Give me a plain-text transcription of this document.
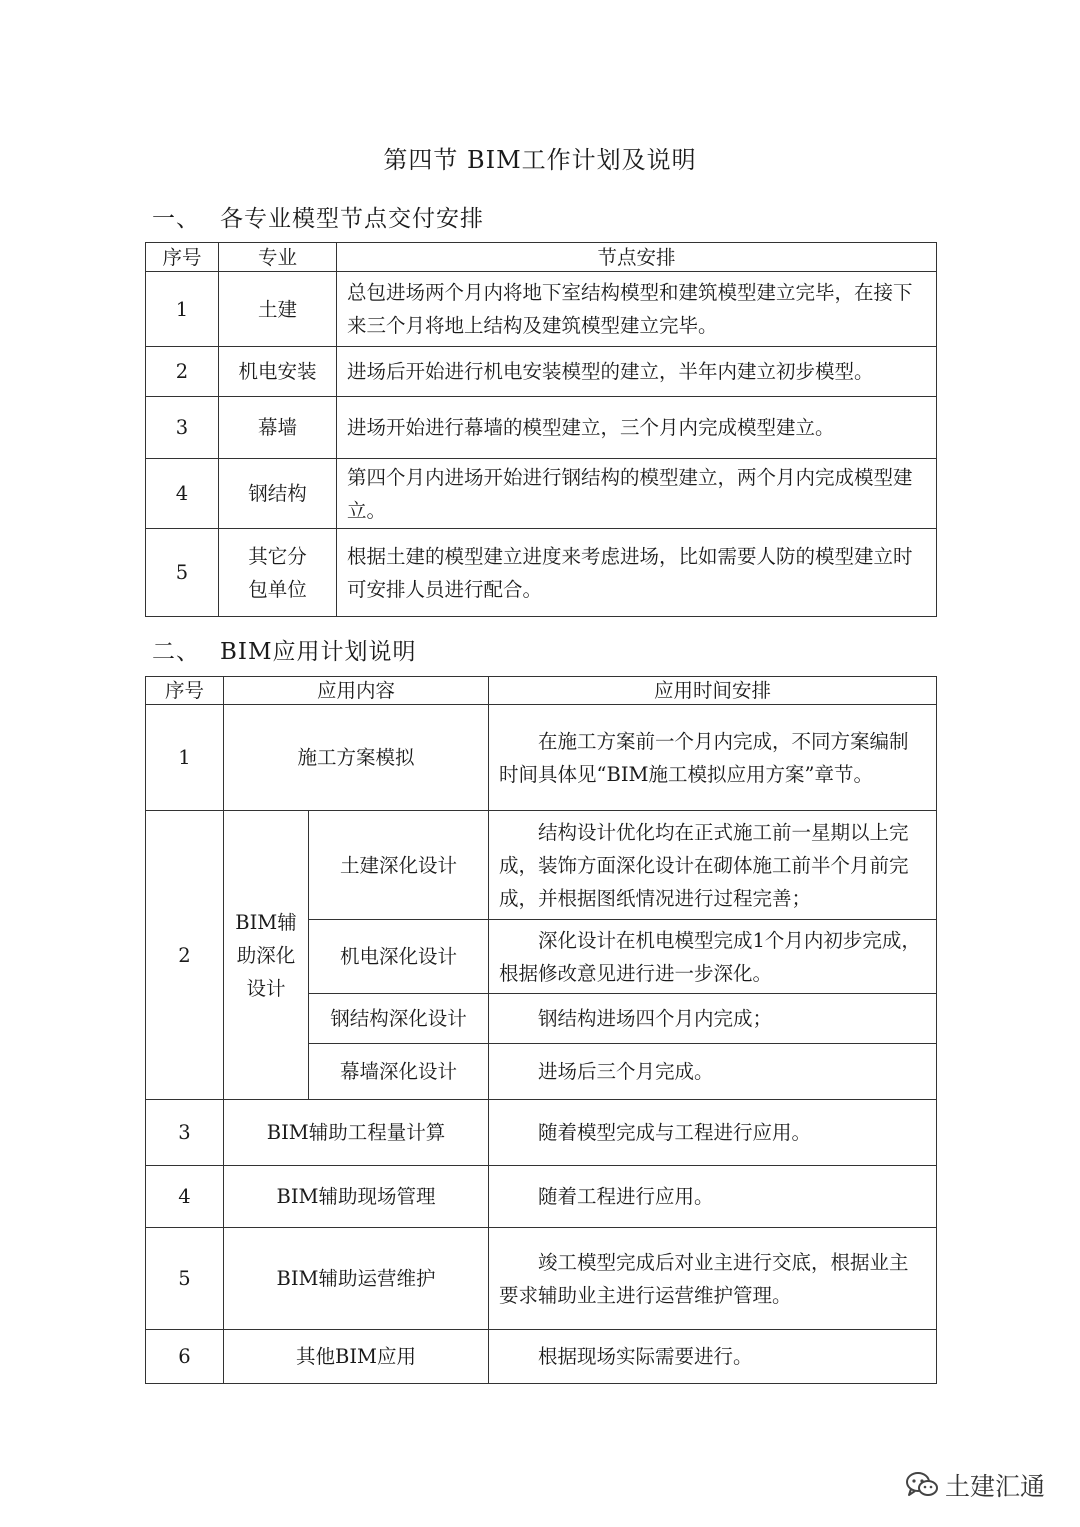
第四节 BIM工作计划及说明
一、 各专业模型节点交付安排
序号	专业	节点安排
1	土建	总包进场两个月内将地下室结构模型和建筑模型建立完毕，在接下来三个月将地上结构及建筑模型建立完毕。
2	机电安装	进场后开始进行机电安装模型的建立，半年内建立初步模型。
3	幕墙	进场开始进行幕墙的模型建立，三个月内完成模型建立。
4	钢结构	第四个月内进场开始进行钢结构的模型建立，两个月内完成模型建立。
5	其它分包单位	根据土建的模型建立进度来考虑进场，比如需要人防的模型建立时可安排人员进行配合。
二、 BIM应用计划说明
序号	应用内容		应用时间安排
1	施工方案模拟		在施工方案前一个月内完成，不同方案编制时间具体见“BIM施工模拟应用方案”章节。
2	BIM辅助深化设计	土建深化设计	结构设计优化均在正式施工前一星期以上完成，装饰方面深化设计在砌体施工前半个月前完成，并根据图纸情况进行过程完善；
		机电深化设计	深化设计在机电模型完成1个月内初步完成，根据修改意见进行进一步深化。
		钢结构深化设计	钢结构进场四个月内完成；
		幕墙深化设计	进场后三个月完成。
3	BIM辅助工程量计算		随着模型完成与工程进行应用。
4	BIM辅助现场管理		随着工程进行应用。
5	BIM辅助运营维护		竣工模型完成后对业主进行交底，根据业主要求辅助业主进行运营维护管理。
6	其他BIM应用		根据现场实际需要进行。
土建汇通
